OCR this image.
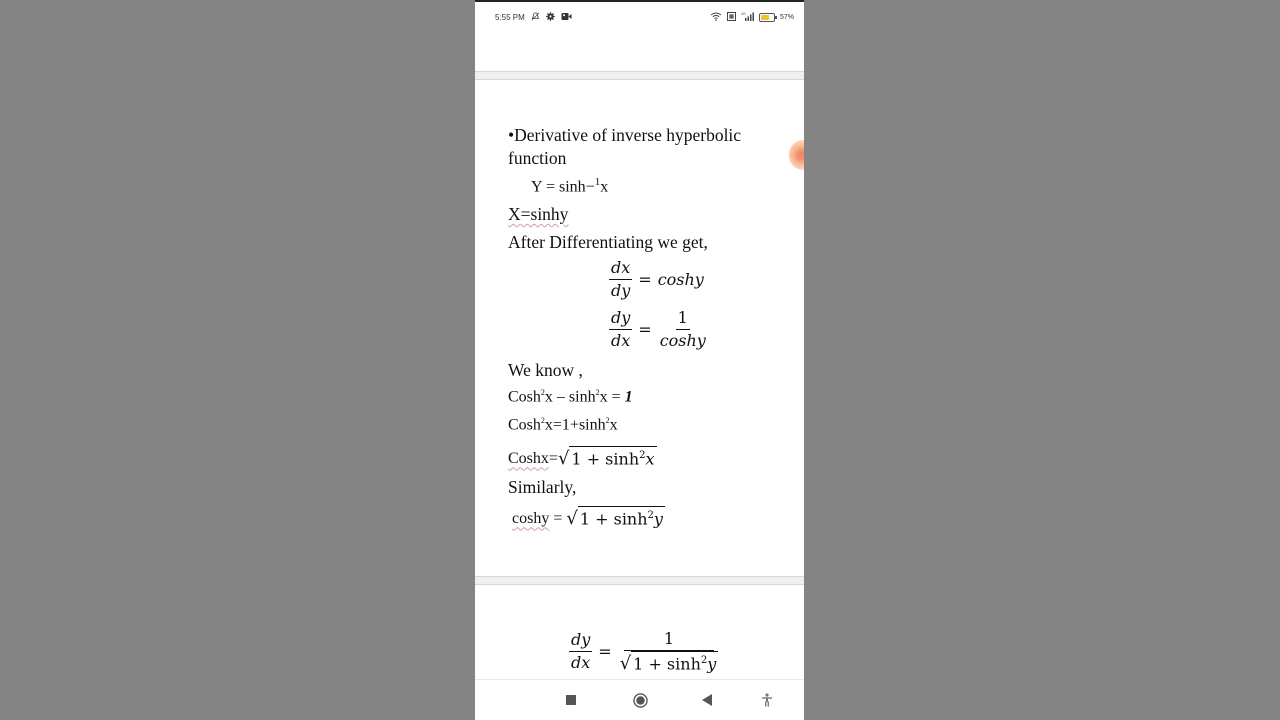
5:55 PM	4G	57%
•Derivative of inverse hyperbolic
function
Y = sinh−$^1$x
X=sinhy
After Differentiating we get,
$\frac{dx}{dy} = \cosh y$
$\frac{dy}{dx} = \frac{1}{\cosh y}$
We know ,
Cosh$^2$x – $\sinh^2x = 1$
$Cosh^2x=1+\sinh^2x$
Coshx = √ $1 + \sinh^2x$
Similarly,
coshy = √ $1 + \sinh^2y$
$\frac{dy}{dx} = \frac{1}{√ 1 + \sinh^2y}$
